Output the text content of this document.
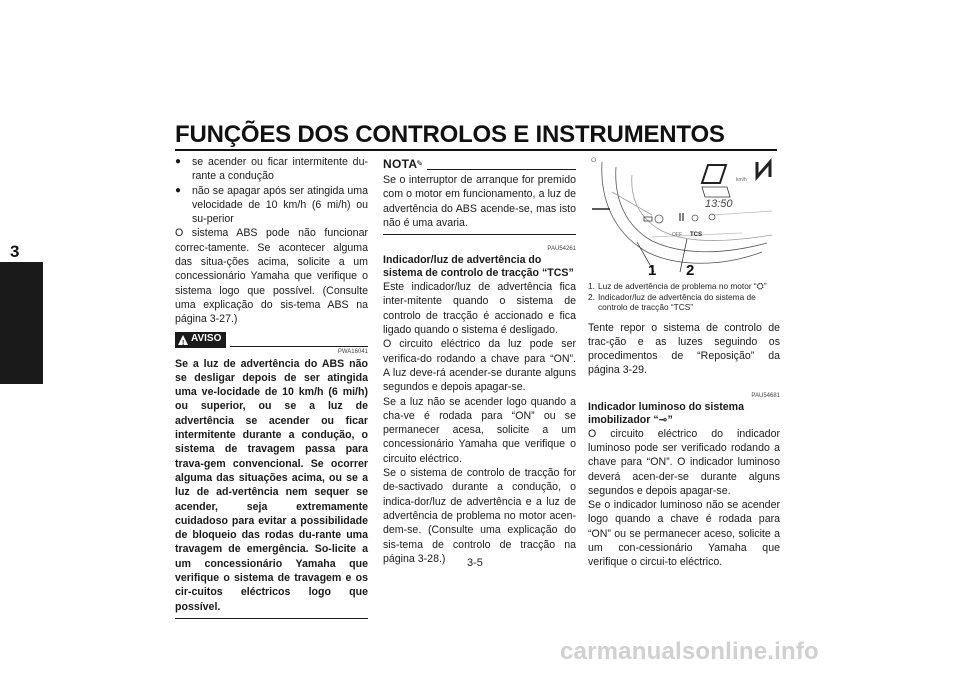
FUNÇÕES DOS CONTROLOS E INSTRUMENTOS
3
●	se acender ou ficar intermitente du-rante a condução
●	não se apagar após ser atingida uma velocidade de 10 km/h (6 mi/h) ou su-perior

O sistema ABS pode não funcionar correc-tamente. Se acontecer alguma das situa-ções acima, solicite a um concessionário Yamaha que verifique o sistema logo que possível. (Consulte uma explicação do sis-tema ABS na página 3-27.)

! AVISO
PWA16041

Se a luz de advertência do ABS não se desligar depois de ser atingida uma ve-locidade de 10 km/h (6 mi/h) ou superior, ou se a luz de advertência se acender ou ficar intermitente durante a condução, o sistema de travagem passa para trava-gem convencional. Se ocorrer alguma das situações acima, ou se a luz de ad-vertência nem sequer se acender, seja extremamente cuidadoso para evitar a possibilidade de bloqueio das rodas du-rante uma travagem de emergência. So-licite a um concessionário Yamaha que verifique o sistema de travagem e os cir-cuitos eléctricos logo que possível.

NOTA✎

Se o interruptor de arranque for premido com o motor em funcionamento, a luz de advertência do ABS acende-se, mas isto não é uma avaria.

PAU54261
Indicador/luz de advertência do sistema de controlo de tracção “TCS”

Este indicador/luz de advertência fica inter-mitente quando o sistema de controlo de tracção é accionado e fica ligado quando o sistema é desligado.

O circuito eléctrico da luz pode ser verifica-do rodando a chave para “ON”. A luz deve-rá acender-se durante alguns segundos e depois apagar-se.

Se a luz não se acender logo quando a cha-ve é rodada para “ON” ou se permanecer acesa, solicite a um concessionário Yamaha que verifique o circuito eléctrico.

Se o sistema de controlo de tracção for de-sactivado durante a condução, o indica-dor/luz de advertência e a luz de advertência de problema no motor acen-dem-se. (Consulte uma explicação do sis-tema de controlo de tracção na página 3-28.)

km/h
13:50
OFF TCS
ⵔ
1 2
1. Luz de advertência de problema no motor “⛭”
2. Indicador/luz de advertência do sistema de controlo de tracção “TCS”

Tente repor o sistema de controlo de trac-ção e as luzes seguindo os procedimentos de “Reposição” da página 3-29.

PAU54681
Indicador luminoso do sistema imobilizador “⊸”

O circuito eléctrico do indicador luminoso pode ser verificado rodando a chave para “ON”. O indicador luminoso deverá acen-der-se durante alguns segundos e depois apagar-se.

Se o indicador luminoso não se acender logo quando a chave é rodada para “ON” ou se permanecer aceso, solicite a um con-cessionário Yamaha que verifique o circui-to eléctrico.

3-5
carmanualsonline.info
